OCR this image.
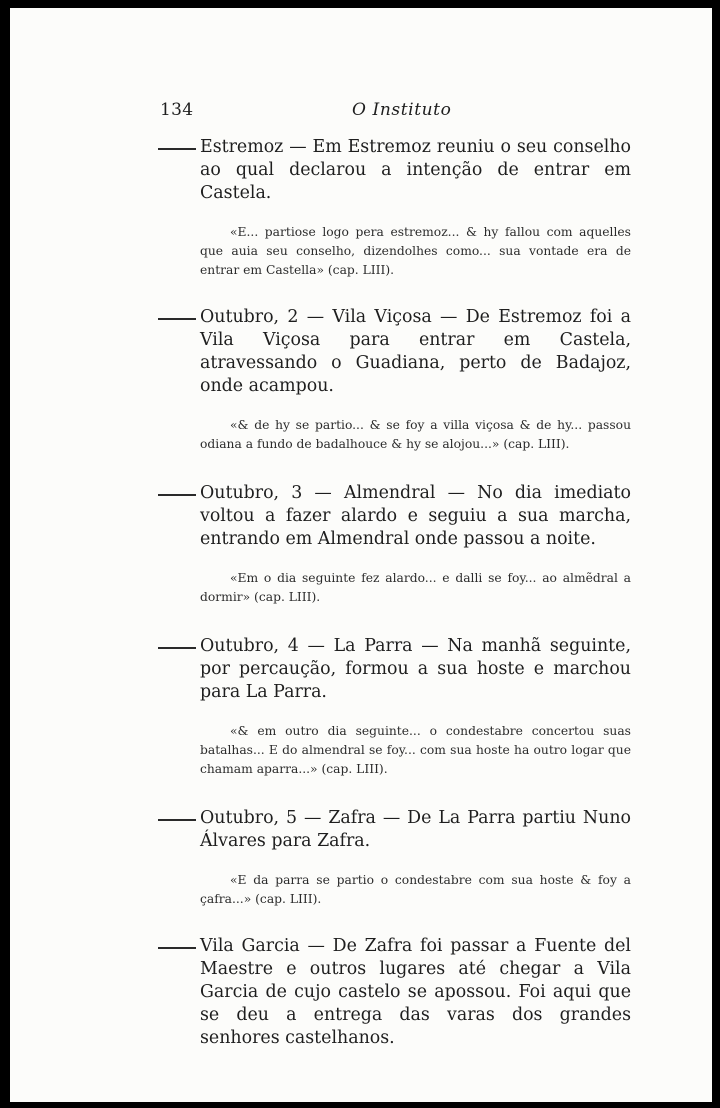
134	O Instituto

Estremoz — Em Estremoz reuniu o seu conselho ao qual declarou a intenção de entrar em Castela.

«E... partiose logo pera estremoz... & hy fallou com aquelles que auia seu conselho, dizendolhes como... sua vontade era de entrar em Castella» (cap. LIII).

Outubro, 2 — Vila Viçosa — De Estremoz foi a Vila Viçosa para entrar em Castela, atravessando o Guadiana, perto de Badajoz, onde acampou.

«& de hy se partio... & se foy a villa viçosa & de hy... passou odiana a fundo de badalhouce & hy se alojou...» (cap. LIII).

Outubro, 3 — Almendral — No dia imediato voltou a fazer alardo e seguiu a sua marcha, entrando em Almendral onde passou a noite.

«Em o dia seguinte fez alardo... e dalli se foy... ao almẽdral a dormir» (cap. LIII).

Outubro, 4 — La Parra — Na manhã seguinte, por percaução, formou a sua hoste e marchou para La Parra.

«& em outro dia seguinte... o condestabre concertou suas batalhas... E do almendral se foy... com sua hoste ha outro logar que chamam aparra...» (cap. LIII).

Outubro, 5 — Zafra — De La Parra partiu Nuno Álvares para Zafra.

«E da parra se partio o condestabre com sua hoste & foy a çafra...» (cap. LIII).

Vila Garcia — De Zafra foi passar a Fuente del Maestre e outros lugares até chegar a Vila Garcia de cujo castelo se apossou. Foi aqui que se deu a entrega das varas dos grandes senhores castelhanos.
